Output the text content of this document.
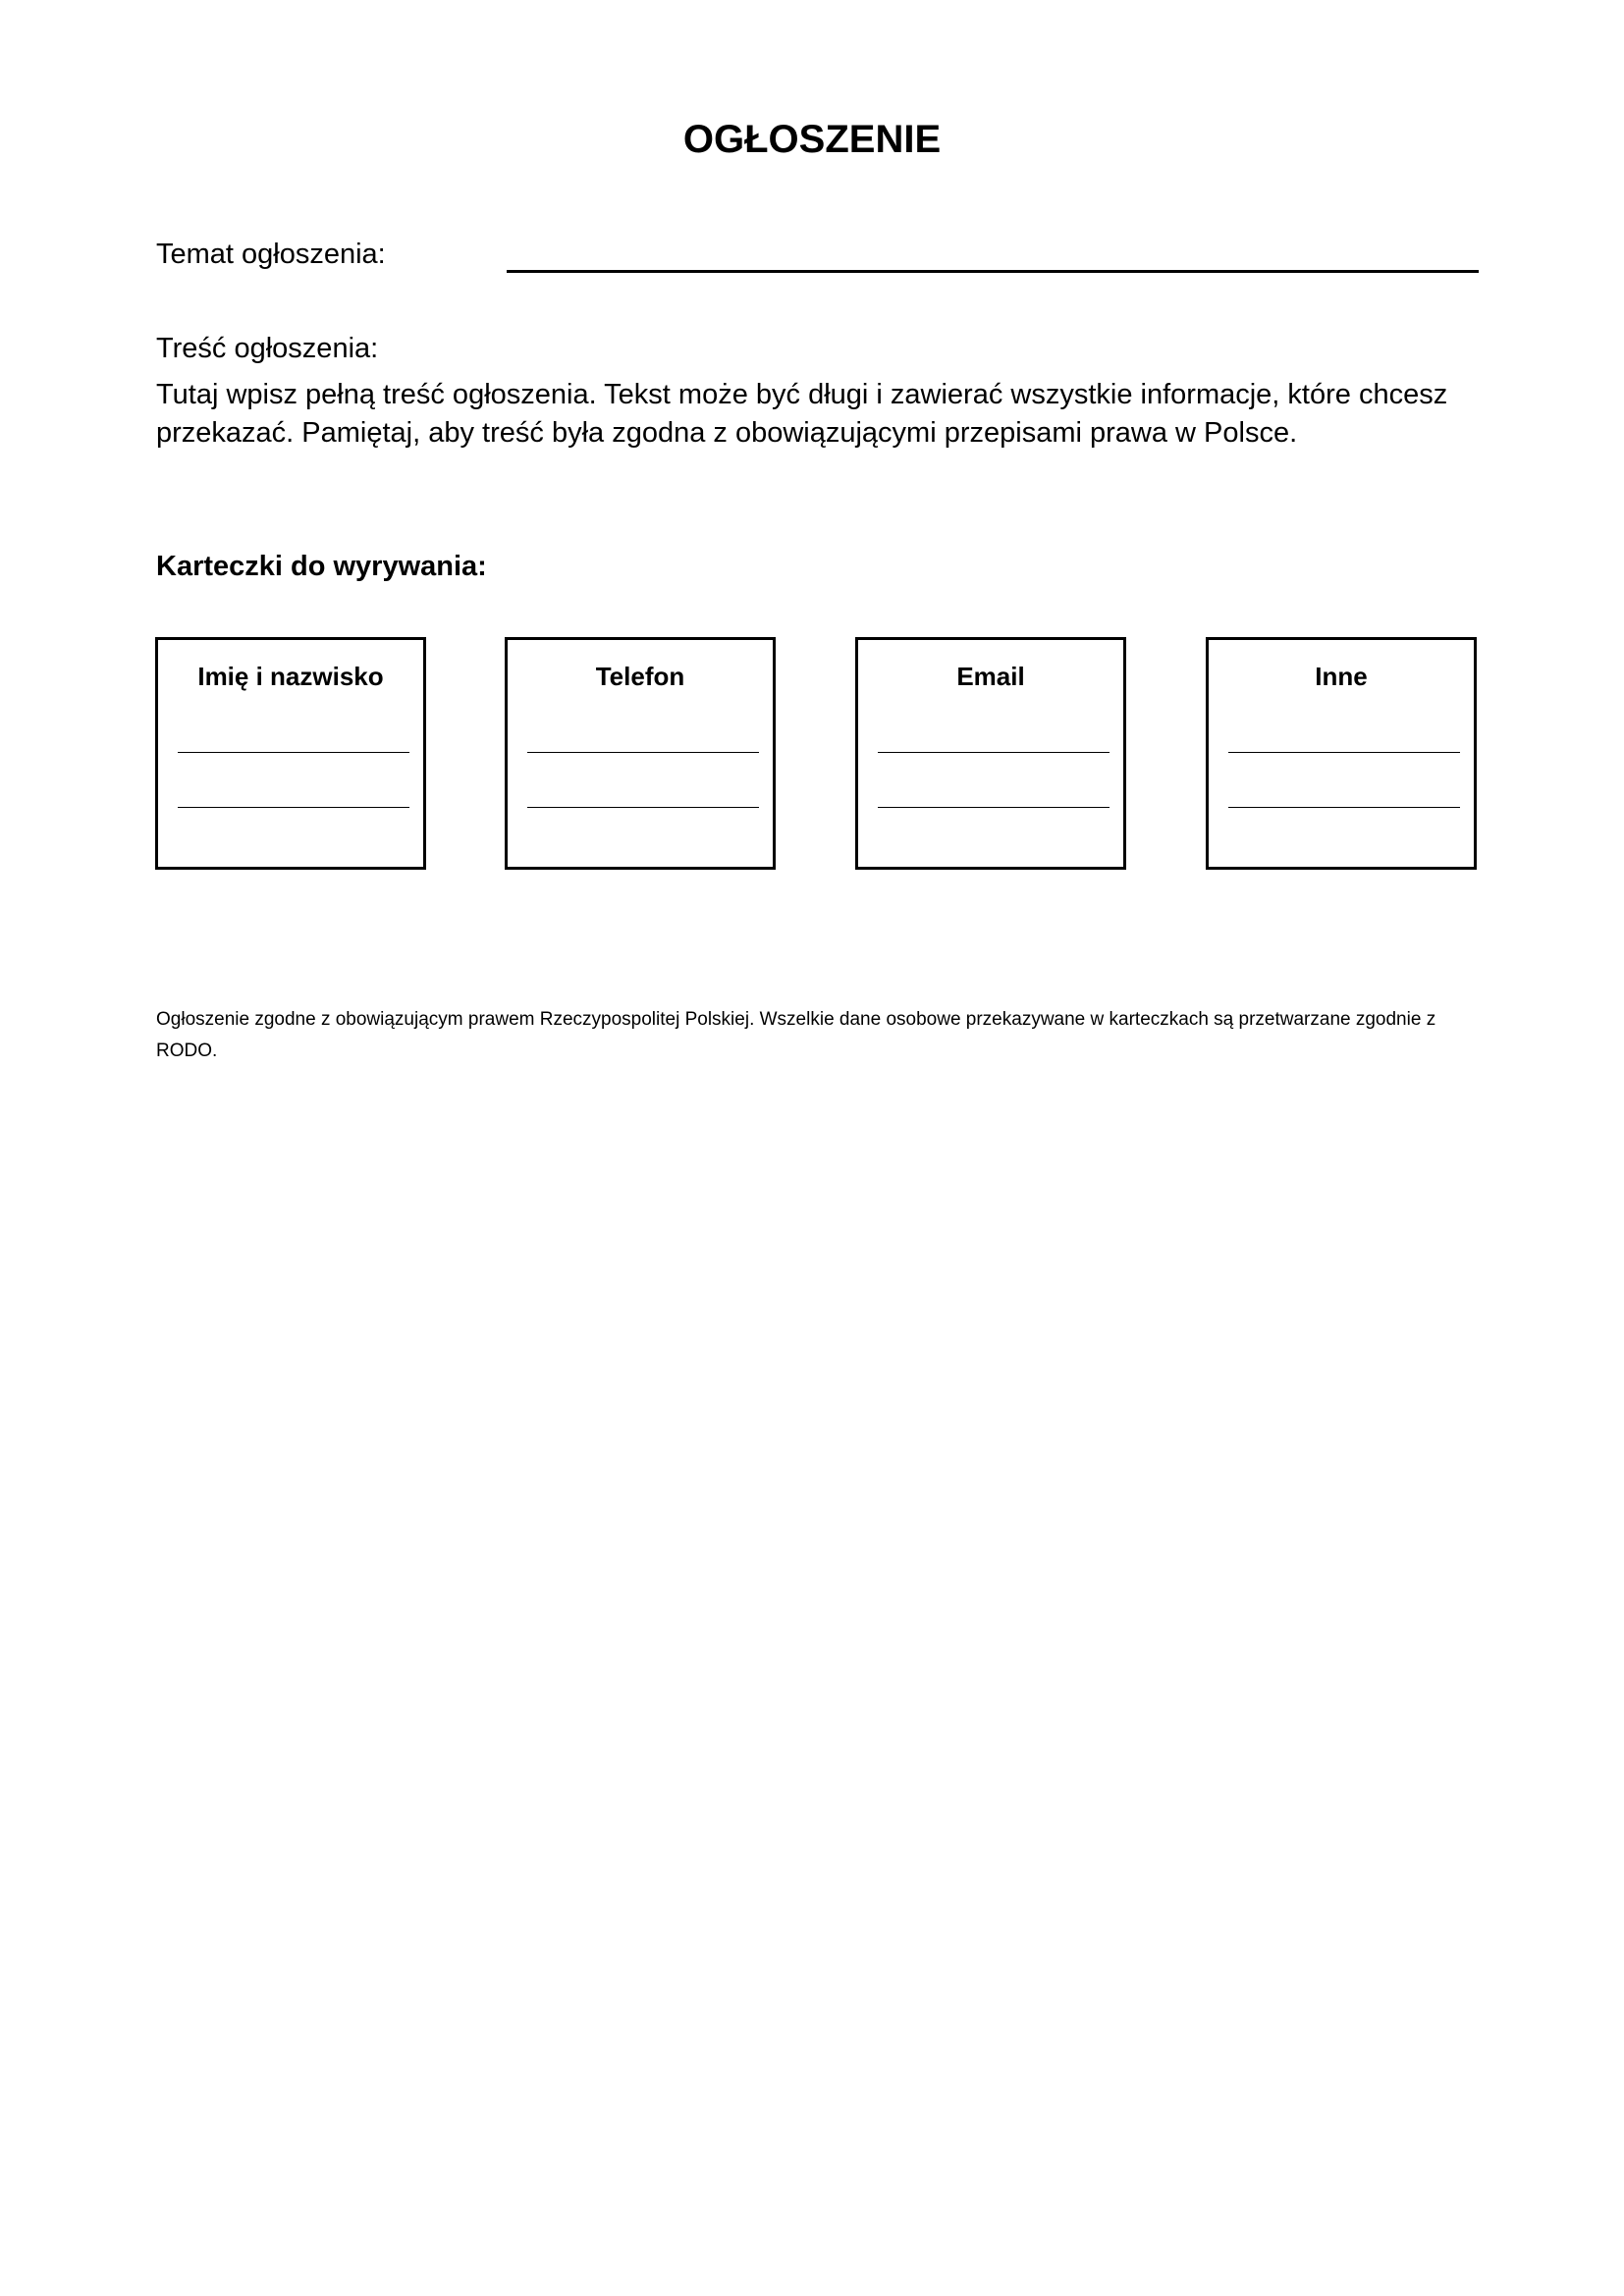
OGŁOSZENIE
Temat ogłoszenia:
Treść ogłoszenia:

Tutaj wpisz pełną treść ogłoszenia. Tekst może być długi i zawierać wszystkie informacje, które chcesz przekazać. Pamiętaj, aby treść była zgodna z obowiązującymi przepisami prawa w Polsce.

Karteczki do wyrywania:
Imię i nazwisko	Telefon	Email	Inne

Ogłoszenie zgodne z obowiązującym prawem Rzeczypospolitej Polskiej. Wszelkie dane osobowe przekazywane w karteczkach są przetwarzane zgodnie z RODO.
